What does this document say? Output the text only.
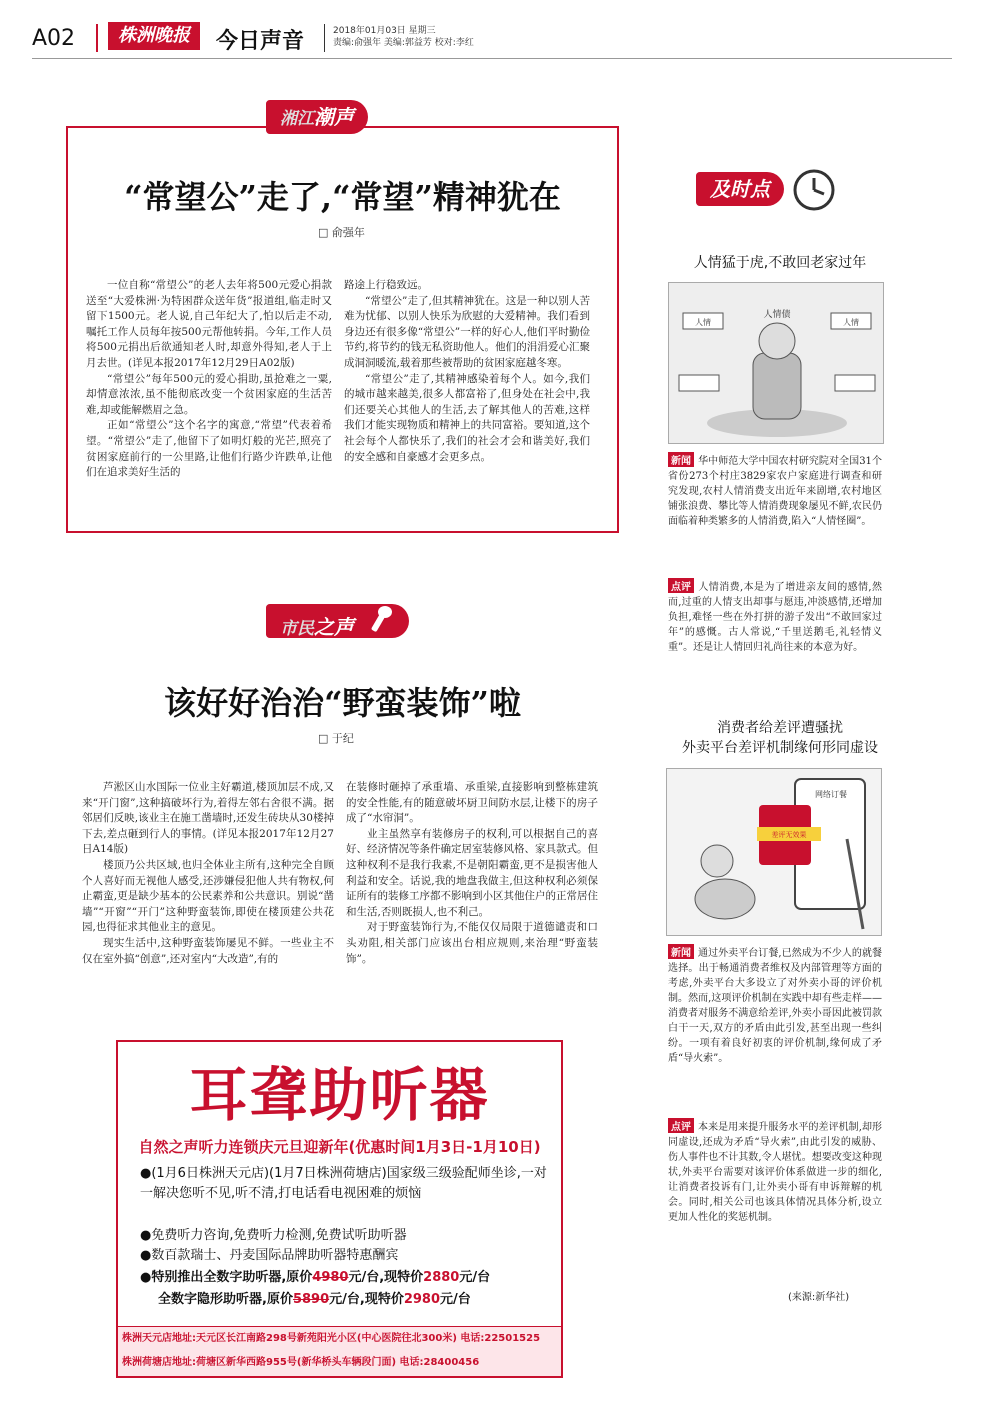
A02	株洲晚报	今日声音	2018年01月03日 星期三
责编:俞强年 美编:郭益芳 校对:李红
湘江潮声
“常望公”走了,“常望”精神犹在
□ 俞强年

一位自称“常望公”的老人去年将500元爱心捐款送至“大爱株洲·为特困群众送年货”报道组,临走时又留下1500元。老人说,自己年纪大了,怕以后走不动,嘱托工作人员每年按500元帮他转捐。今年,工作人员将500元捐出后欲通知老人时,却意外得知,老人于上月去世。(详见本报2017年12月29日A02版)

“常望公”每年500元的爱心捐助,虽抢难之一粟,却情意浓浓,虽不能彻底改变一个贫困家庭的生活苦难,却或能解燃眉之急。

正如“常望公”这个名字的寓意,“常望”代表着希望。“常望公”走了,他留下了如明灯般的光芒,照亮了贫困家庭前行的一公里路,让他们行路少许跌单,让他们在追求美好生活的

路途上行稳致远。

“常望公”走了,但其精神犹在。这是一种以别人苦难为忧郁、以别人快乐为欣慰的大爱精神。我们看到身边还有很多像“常望公”一样的好心人,他们平时勤俭节约,将节约的钱无私资助他人。他们的涓涓爱心汇聚成洞洞暖流,载着那些被帮助的贫困家庭越冬寒。

“常望公”走了,其精神感染着每个人。如今,我们的城市越来越美,很多人都富裕了,但身处在社会中,我们还要关心其他人的生活,去了解其他人的苦难,这样我们才能实现物质和精神上的共同富裕。要知道,这个社会每个人都快乐了,我们的社会才会和谐美好,我们的安全感和自豪感才会更多点。

市民之声
该好好治治“野蛮装饰”啦
□ 于纪

芦淞区山水国际一位业主好霸道,楼顶加层不成,又来“开门窗”,这种搞破坏行为,着得左邻右舍很不满。据邻居们反映,该业主在施工凿墙时,还发生砖块从30楼掉下去,差点砸到行人的事情。(详见本报2017年12月27日A14版)

楼顶乃公共区域,也归全体业主所有,这种完全自顾个人喜好而无视他人感受,还涉嫌侵犯他人共有物权,何止霸蛮,更是缺少基本的公民素养和公共意识。别说“凿墙”“开窗”“开门”这种野蛮装饰,即使在楼顶建公共花园,也得征求其他业主的意见。

现实生活中,这种野蛮装饰屡见不鲜。一些业主不仅在室外搞“创意”,还对室内“大改造”,有的

在装修时砸掉了承重墙、承重梁,直接影响到整栋建筑的安全性能,有的随意破坏厨卫间防水层,让楼下的房子成了“水帘洞”。

业主虽然享有装修房子的权利,可以根据自己的喜好、经济情况等条件确定居室装修风格、家具款式。但这种权利不是我行我素,不是朝阳霸蛮,更不是损害他人利益和安全。话说,我的地盘我做主,但这种权利必须保证所有的装修工序都不影响到小区其他住户的正常居住和生活,否则既损人,也不利己。

对于野蛮装饰行为,不能仅仅局限于道德谴责和口头劝阻,相关部门应该出台相应规则,来治理“野蛮装饰”。

及时点
人情猛于虎,不敢回老家过年
人情债
人情	人情
新闻 华中师范大学中国农村研究院对全国31个省份273个村庄3829家农户家庭进行调查和研究发现,农村人情消费支出近年来剧增,农村地区铺张浪费、攀比等人情消费现象屡见不鲜,农民仍面临着种类繁多的人情消费,陷入“人情怪圈”。
点评 人情消费,本是为了增进亲友间的感情,然而,过重的人情支出却事与愿违,冲淡感情,还增加负担,难怪一些在外打拼的游子发出“不敢回家过年”的感慨。古人常说,“千里送鹅毛,礼轻情义重”。还是让人情回归礼尚往来的本意为好。
消费者给差评遭骚扰
外卖平台差评机制缘何形同虚设
网络订餐
差评无效果
新闻 通过外卖平台订餐,已然成为不少人的就餐选择。出于畅通消费者维权及内部管理等方面的考虑,外卖平台大多设立了对外卖小哥的评价机制。然而,这项评价机制在实践中却有些走样——消费者对服务不满意给差评,外卖小哥因此被罚款白干一天,双方的矛盾由此引发,甚至出现一些纠纷。一项有着良好初衷的评价机制,缘何成了矛盾“导火索”。
点评 本来是用来提升服务水平的差评机制,却形同虚设,还成为矛盾“导火索”,由此引发的威胁、伤人事件也不计其数,令人堪忧。想要改变这种现状,外卖平台需要对该评价体系做进一步的细化,让消费者投诉有门,让外卖小哥有申诉辩解的机会。同时,相关公司也该具体情况具体分析,设立更加人性化的奖惩机制。
(来源:新华社)
耳聋助听器
自然之声听力连锁庆元旦迎新年(优惠时间1月3日-1月10日)
●(1月6日株洲天元店)(1月7日株洲荷塘店)国家级三级验配师坐诊,一对一解决您听不见,听不清,打电话看电视困难的烦恼
●免费听力咨询,免费听力检测,免费试听助听器
●数百款瑞士、丹麦国际品牌助听器特惠酬宾
●特别推出全数字助听器,原价4980元/台,现特价2880元/台
全数字隐形助听器,原价5890元/台,现特价2980元/台
株洲天元店地址:天元区长江南路298号新苑阳光小区(中心医院往北300米) 电话:22501525
株洲荷塘店地址:荷塘区新华西路955号(新华桥头车辆段门面) 电话:28400456
